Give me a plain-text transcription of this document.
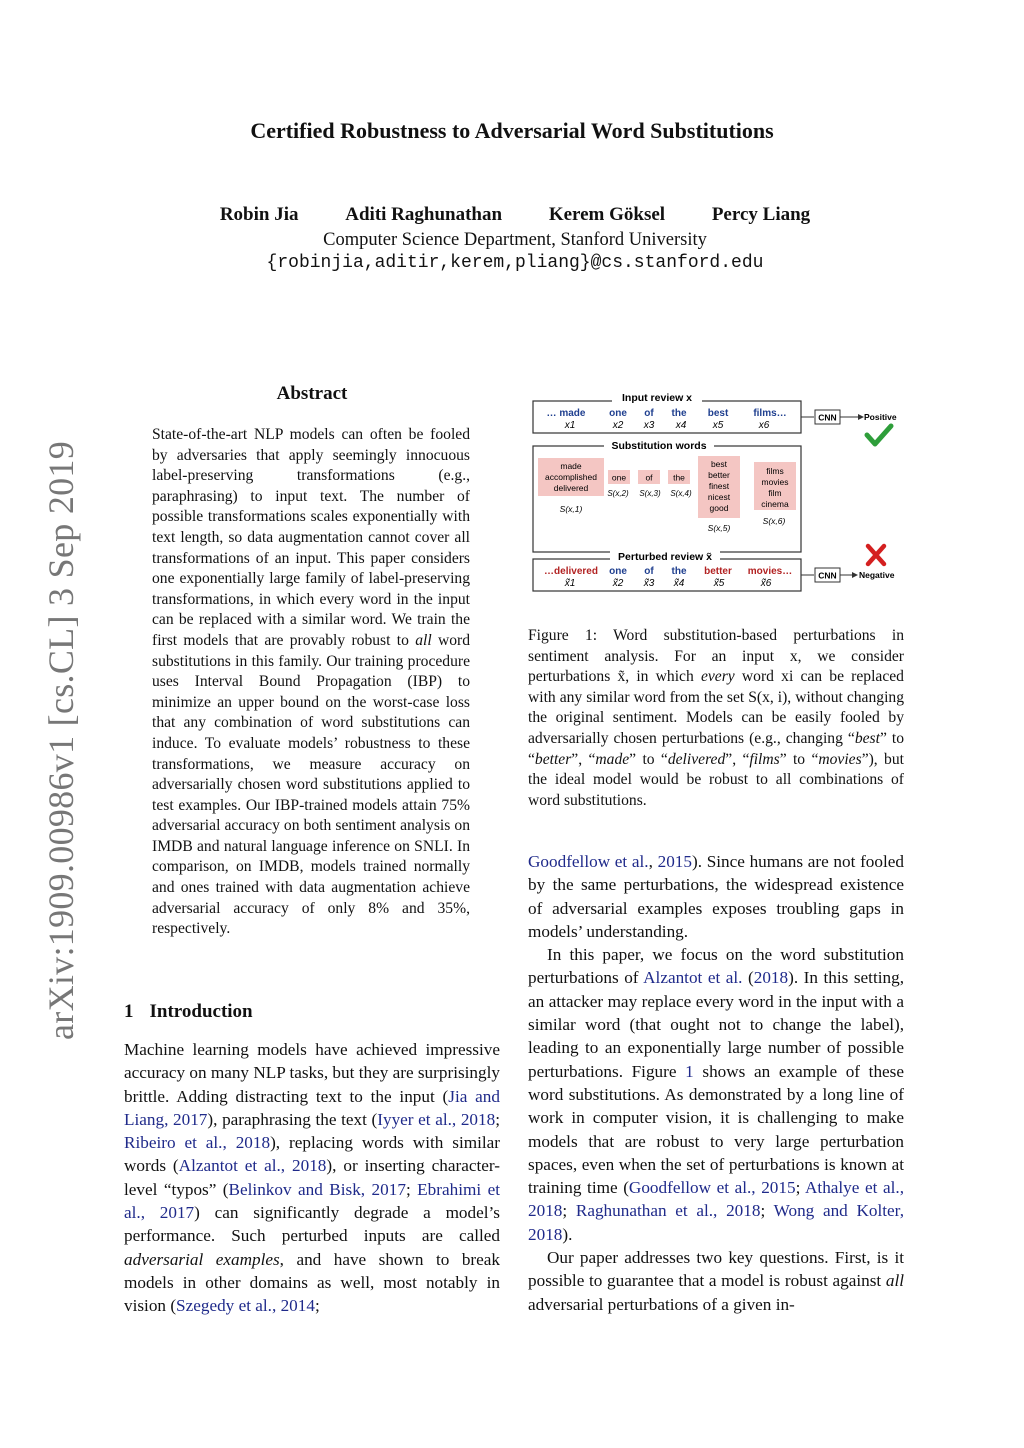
Certified Robustness to Adversarial Word Substitutions
Robin Jia Aditi Raghunathan Kerem Göksel Percy Liang
Computer Science Department, Stanford University
{robinjia,aditir,kerem,pliang}@cs.stanford.edu
arXiv:1909.00986v1 [cs.CL] 3 Sep 2019
Abstract
State-of-the-art NLP models can often be fooled by adversaries that apply seemingly innocuous label-preserving transformations (e.g., paraphrasing) to input text. The number of possible transformations scales exponentially with text length, so data augmentation cannot cover all transformations of an input. This paper considers one exponentially large family of label-preserving transformations, in which every word in the input can be replaced with a similar word. We train the first models that are provably robust to all word substitutions in this family. Our training procedure uses Interval Bound Propagation (IBP) to minimize an upper bound on the worst-case loss that any combination of word substitutions can induce. To evaluate models’ robustness to these transformations, we measure accuracy on adversarially chosen word substitutions applied to test examples. Our IBP-trained models attain 75% adversarial accuracy on both sentiment analysis on IMDB and natural language inference on SNLI. In comparison, on IMDB, models trained normally and ones trained with data augmentation achieve adversarial accuracy of only 8% and 35%, respectively.
1 Introduction
Machine learning models have achieved impressive accuracy on many NLP tasks, but they are surprisingly brittle. Adding distracting text to the input (Jia and Liang, 2017), paraphrasing the text (Iyyer et al., 2018; Ribeiro et al., 2018), replacing words with similar words (Alzantot et al., 2018), or inserting character-level “typos” (Belinkov and Bisk, 2017; Ebrahimi et al., 2017) can significantly degrade a model’s performance. Such perturbed inputs are called adversarial examples, and have shown to break models in other domains as well, most notably in vision (Szegedy et al., 2014;
Input review x
… made one of the best	films…
x1	x2 x3 x4	x5	x6
CNN	Positive
Substitution words
made
accomplished
delivered
S(x,1)
one
S(x,2)
of
S(x,3)
the
S(x,4)
best
better
finest
nicest
good
S(x,5)
films
movies
film
cinema
S(x,6)
Perturbed review x̃
…delivered one of the better movies…
x̃1	x̃2 x̃3 x̃4	x̃5	x̃6
CNN	Negative
Figure 1: Word substitution-based perturbations in sentiment analysis. For an input x, we consider perturbations x̃, in which every word xi can be replaced with any similar word from the set S(x, i), without changing the original sentiment. Models can be easily fooled by adversarially chosen perturbations (e.g., changing “best” to “better”, “made” to “delivered”, “films” to “movies”), but the ideal model would be robust to all combinations of word substitutions.

Goodfellow et al., 2015). Since humans are not fooled by the same perturbations, the widespread existence of adversarial examples exposes troubling gaps in models’ understanding.

In this paper, we focus on the word substitution perturbations of Alzantot et al. (2018). In this setting, an attacker may replace every word in the input with a similar word (that ought not to change the label), leading to an exponentially large number of possible perturbations. Figure 1 shows an example of these word substitutions. As demonstrated by a long line of work in computer vision, it is challenging to make models that are robust to very large perturbation spaces, even when the set of perturbations is known at training time (Goodfellow et al., 2015; Athalye et al., 2018; Raghunathan et al., 2018; Wong and Kolter, 2018).

Our paper addresses two key questions. First, is it possible to guarantee that a model is robust against all adversarial perturbations of a given in-
